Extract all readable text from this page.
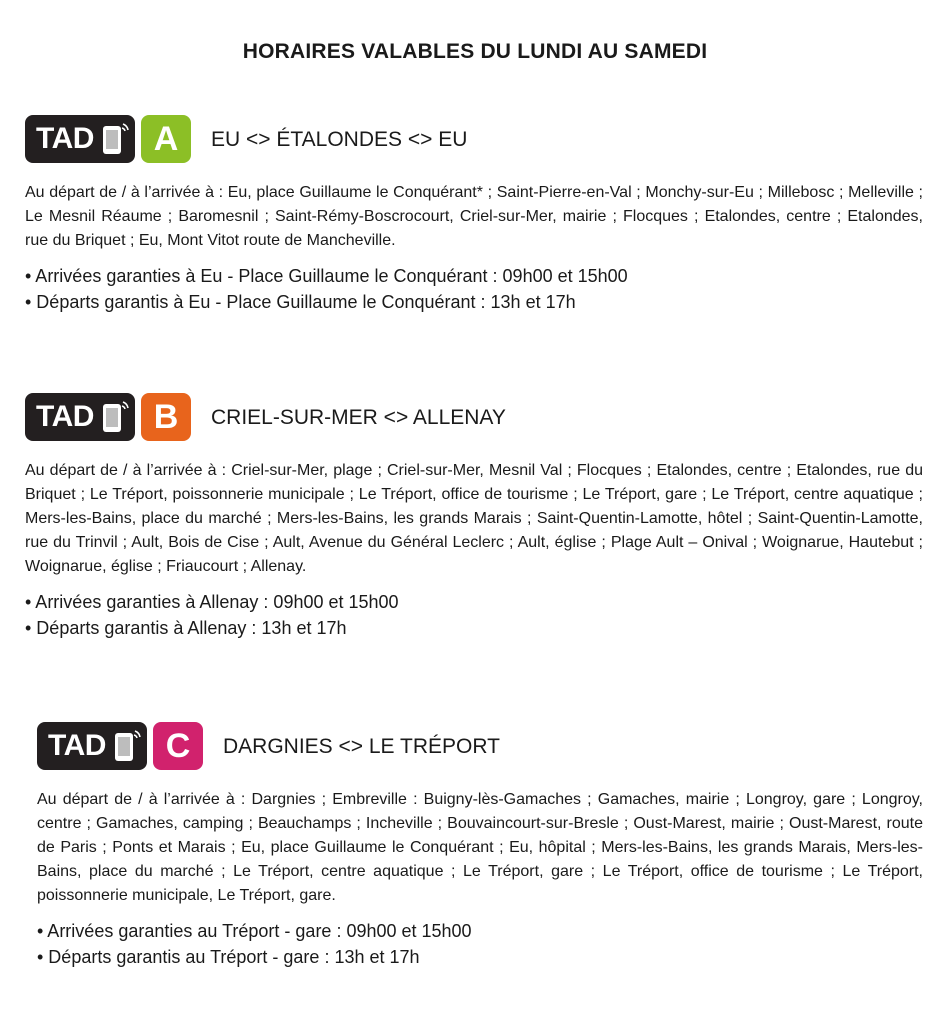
HORAIRES VALABLES DU LUNDI AU SAMEDI
TAD	A	EU <> ÉTALONDES <> EU

Au départ de / à l’arrivée à : Eu, place Guillaume le Conquérant* ; Saint-Pierre-en-Val ; Monchy-sur-Eu ; Millebosc ; Melleville ; Le Mesnil Réaume ; Baromesnil ; Saint-Rémy-Boscrocourt, Criel-sur-Mer, mairie ; Flocques ; Etalondes, centre ; Etalondes, rue du Briquet ; Eu, Mont Vitot route de Mancheville.

• Arrivées garanties à Eu - Place Guillaume le Conquérant : 09h00 et 15h00
• Départs garantis à Eu - Place Guillaume le Conquérant : 13h et 17h
TAD	B	CRIEL-SUR-MER <> ALLENAY

Au départ de / à l’arrivée à : Criel-sur-Mer, plage ; Criel-sur-Mer, Mesnil Val ; Flocques ; Etalondes, centre ; Etalondes, rue du Briquet ; Le Tréport, poissonnerie municipale ; Le Tréport, office de tourisme ; Le Tréport, gare ; Le Tréport, centre aquatique ; Mers-les-Bains, place du marché ; Mers-les-Bains, les grands Marais ; Saint-Quentin-Lamotte, hôtel ; Saint-Quentin-Lamotte, rue du Trinvil ; Ault, Bois de Cise ; Ault, Avenue du Général Leclerc ; Ault, église ; Plage Ault – Onival ; Woignarue, Hautebut ; Woignarue, église ; Friaucourt ; Allenay.

• Arrivées garanties à Allenay : 09h00 et 15h00
• Départs garantis à Allenay : 13h et 17h
TAD	C	DARGNIES <> LE TRÉPORT

Au départ de / à l’arrivée à : Dargnies ; Embreville : Buigny-lès-Gamaches ; Gamaches, mairie ; Longroy, gare ; Longroy, centre ; Gamaches, camping ; Beauchamps ; Incheville ; Bouvaincourt-sur-Bresle ; Oust-Marest, mairie ; Oust-Marest, route de Paris ; Ponts et Marais ; Eu, place Guillaume le Conquérant ; Eu, hôpital ; Mers-les-Bains, les grands Marais, Mers-les-Bains, place du marché ; Le Tréport, centre aquatique ; Le Tréport, gare ; Le Tréport, office de tourisme ; Le Tréport, poissonnerie municipale, Le Tréport, gare.

• Arrivées garanties au Tréport - gare : 09h00 et 15h00
• Départs garantis au Tréport - gare : 13h et 17h
